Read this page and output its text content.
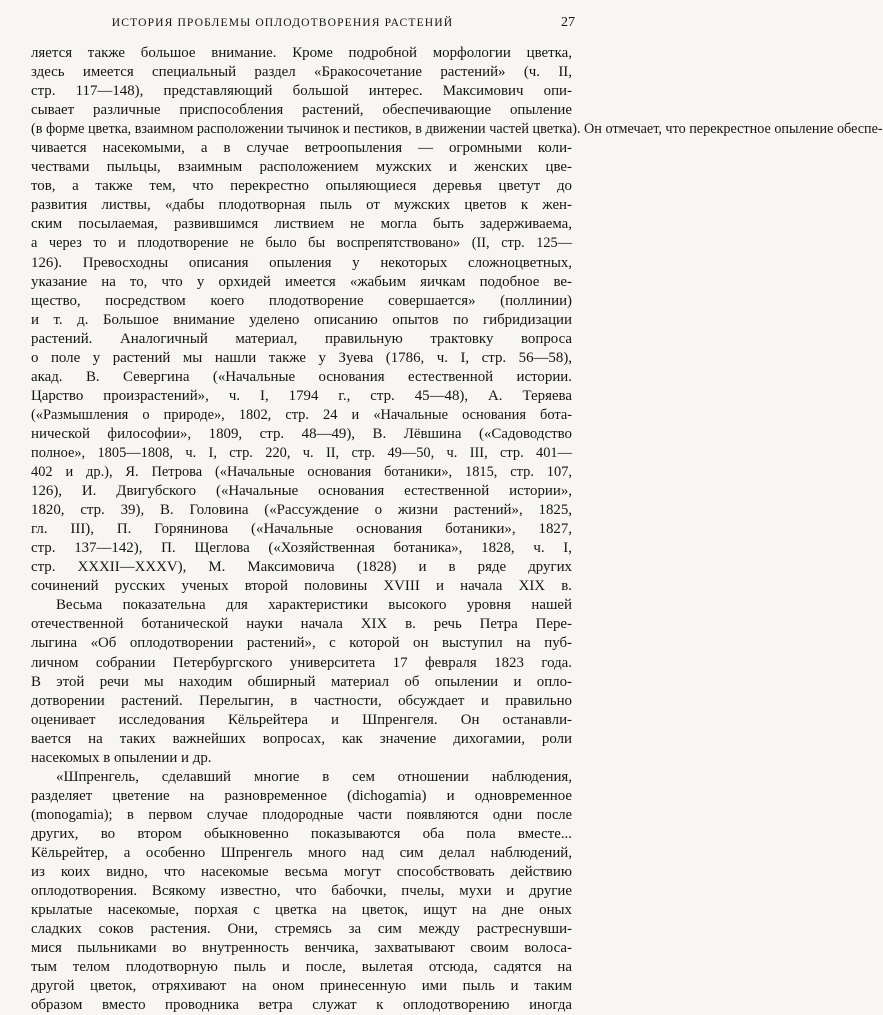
ИСТОРИЯ ПРОБЛЕМЫ ОПЛОДОТВОРЕНИЯ РАСТЕНИЙ	27
ляется также большое внимание. Кроме подробной морфологии цветка,
здесь имеется специальный раздел «Бракосочетание растений» (ч. II,
стр. 117—148), представляющий большой интерес. Максимович опи-
сывает различные приспособления растений, обеспечивающие опыление
(в форме цветка, взаимном расположении тычинок и пестиков, в движении частей цветка). Он отмечает, что перекрестное опыление обеспе-
чивается насекомыми, а в случае ветроопыления — огромными коли-
чествами пыльцы, взаимным расположением мужских и женских цве-
тов, а также тем, что перекрестно опыляющиеся деревья цветут до
развития листвы, «дабы плодотворная пыль от мужских цветов к жен-
ским посылаемая, развившимся листвием не могла быть задерживаема,
а через то и плодотворение не было бы воспрепятствовано» (II, стр. 125—
126). Превосходны описания опыления у некоторых сложноцветных,
указание на то, что у орхидей имеется «жабьим яичкам подобное ве-
щество, посредством коего плодотворение совершается» (поллинии)
и т. д. Большое внимание уделено описанию опытов по гибридизации
растений. Аналогичный материал, правильную трактовку вопроса
о поле у растений мы нашли также у Зуева (1786, ч. I, стр. 56—58),
акад. В. Севергина («Начальные основания естественной истории.
Царство произрастений», ч. I, 1794 г., стр. 45—48), А. Теряева
(«Размышления о природе», 1802, стр. 24 и «Начальные основания бота-
нической философии», 1809, стр. 48—49), В. Лёвшина («Садоводство
полное», 1805—1808, ч. I, стр. 220, ч. II, стр. 49—50, ч. III, стр. 401—
402 и др.), Я. Петрова («Начальные основания ботаники», 1815, стр. 107,
126), И. Двигубского («Начальные основания естественной истории»,
1820, стр. 39), В. Головина («Рассуждение о жизни растений», 1825,
гл. III), П. Горянинова («Начальные основания ботаники», 1827,
стр. 137—142), П. Щеглова («Хозяйственная ботаника», 1828, ч. I,
стр. XXXII—XXXV), М. Максимовича (1828) и в ряде других
сочинений русских ученых второй половины XVIII и начала XIX в.
Весьма показательна для характеристики высокого уровня нашей
отечественной ботанической науки начала XIX в. речь Петра Пере-
лыгина «Об оплодотворении растений», с которой он выступил на пуб-
личном собрании Петербургского университета 17 февраля 1823 года.
В этой речи мы находим обширный материал об опылении и опло-
дотворении растений. Перелыгин, в частности, обсуждает и правильно
оценивает исследования Кёльрейтера и Шпренгеля. Он останавли-
вается на таких важнейших вопросах, как значение дихогамии, роли
насекомых в опылении и др.
«Шпренгель, сделавший многие в сем отношении наблюдения,
разделяет цветение на разновременное (dichogamia) и одновременное
(monogamia); в первом случае плодородные части появляются одни после
других, во втором обыкновенно показываются оба пола вместе...
Кёльрейтер, а особенно Шпренгель много над сим делал наблюдений,
из коих видно, что насекомые весьма могут способствовать действию
оплодотворения. Всякому известно, что бабочки, пчелы, мухи и другие
крылатые насекомые, порхая с цветка на цветок, ищут на дне оных
сладких соков растения. Они, стремясь за сим между растреснувши-
мися пыльниками во внутренность венчика, захватывают своим волоса-
тым телом плодотворную пыль и после, вылетая отсюда, садятся на
другой цветок, отряхивают на оном принесенную ими пыль и таким
образом вместо проводника ветра служат к оплодотворению иногда
